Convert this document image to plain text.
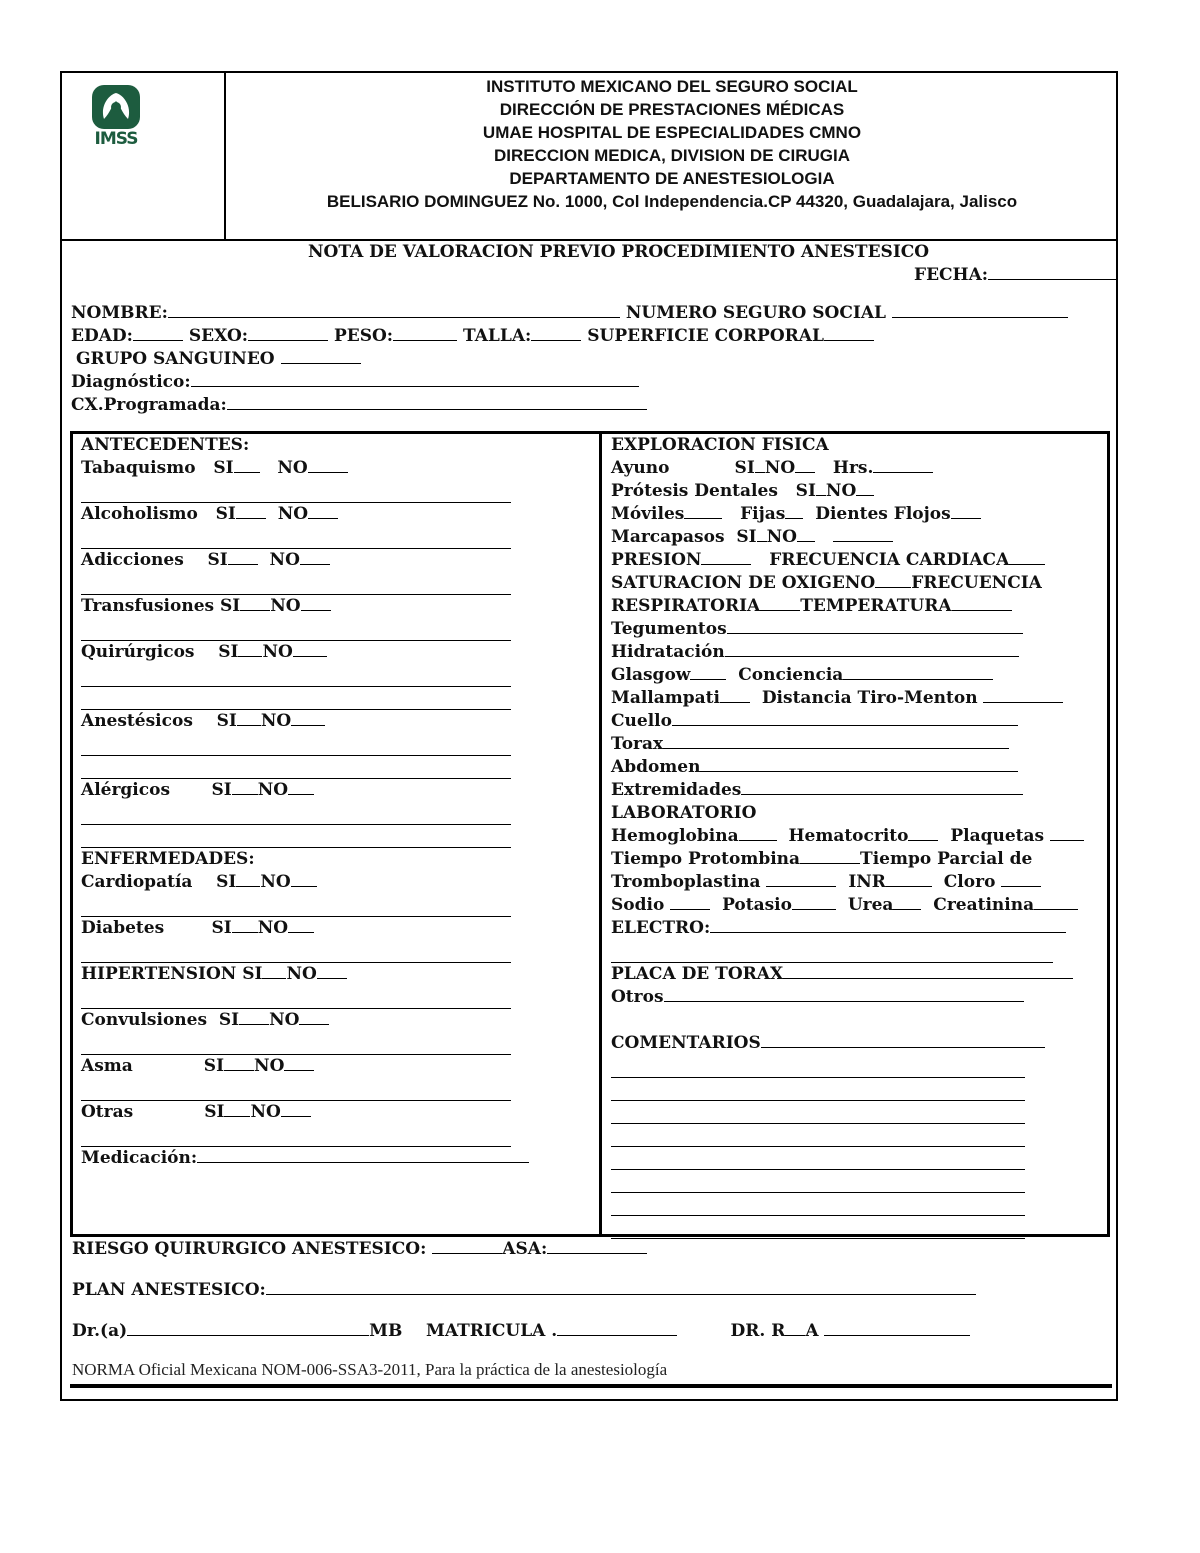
IMSS
INSTITUTO MEXICANO DEL SEGURO SOCIAL
DIRECCIÓN DE PRESTACIONES MÉDICAS
UMAE HOSPITAL DE ESPECIALIDADES CMNO
DIRECCION MEDICA, DIVISION DE CIRUGIA
DEPARTAMENTO DE ANESTESIOLOGIA
BELISARIO DOMINGUEZ No. 1000, Col Independencia.CP 44320, Guadalajara, Jalisco
NOTA DE VALORACION PREVIO PROCEDIMIENTO ANESTESICO
FECHA:
NOMBRE:	NUMERO SEGURO SOCIAL
EDAD:	SEXO:	PESO:	TALLA:	SUPERFICIE CORPORAL
GRUPO SANGUINEO
Diagnóstico:
CX.Programada:
ANTECEDENTES:
Tabaquismo SI	NO
Alcoholismo SI NO
Adicciones SI NO
Transfusiones SI NO
Quirúrgicos SI NO
Anestésicos SI NO
Alérgicos SI NO
ENFERMEDADES:
Cardiopatía SI NO
Diabetes	SI NO
HIPERTENSION SI NO
Convulsiones SI NO
Asma	SI NO
Otras	SI NO
Medicación:
EXPLORACION FISICA
Ayuno	SI NO Hrs.
Prótesis Dentales SI NO
Móviles	Fijas Dientes Flojos
Marcapasos SI NO
PRESION	FRECUENCIA CARDIACA
SATURACION DE OXIGENO FRECUENCIA
RESPIRATORIA TEMPERATURA
Tegumentos
Hidratación
Glasgow	Conciencia
Mallampati Distancia Tiro-Menton
Cuello
Torax
Abdomen
Extremidades
LABORATORIO
Hemoglobina	Hematocrito Plaquetas
Tiempo Protombina	Tiempo Parcial de
Tromboplastina	INR	Cloro
Sodio	Potasio	Urea Creatinina
ELECTRO:
PLACA DE TORAX
Otros
COMENTARIOS
RIESGO QUIRURGICO ANESTESICO:	ASA:
PLAN ANESTESICO:
Dr.(a)	MB MATRICULA .	DR. R A
NORMA Oficial Mexicana NOM-006-SSA3-2011, Para la práctica de la anestesiología
